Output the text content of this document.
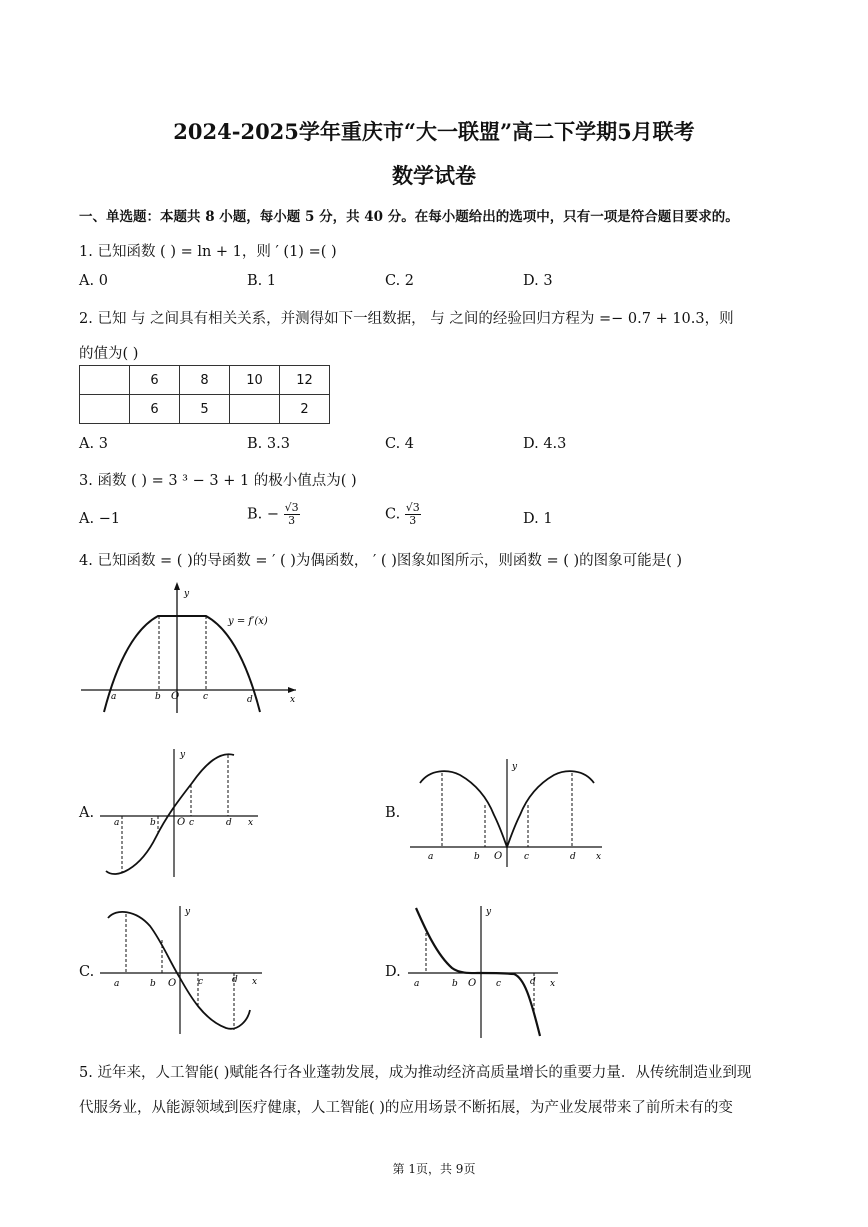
2024-2025学年重庆市“大一联盟”高二下学期5月联考
数学试卷
一、单选题：本题共 8 小题，每小题 5 分，共 40 分。在每小题给出的选项中，只有一项是符合题目要求的。
1. 已知函数 ( ) = ln + 1，则 ′ (1) =( )
A. 0	B. 1	C. 2	D. 3
2. 已知 与 之间具有相关关系，并测得如下一组数据， 与 之间的经验回归方程为 =− 0.7 + 10.3，则
的值为( )
	6	8	10	12
	6	5		2
A. 3	B. 3.3	C. 4	D. 4.3
3. 函数 ( ) = 3 ³ − 3 + 1 的极小值点为( )
A. −1	B. − $\frac{√3}{3}$	C. $\frac{√3}{3}$	D. 1
4. 已知函数 = ( )的导函数 = ′ ( )为偶函数， ′ ( )图象如图所示，则函数 = ( )的图象可能是( )
y = f′(x)
y
x
a	b O	c	d
A.
y
x
a	b O c	d
B.
y
x
a	b O c	d
C.
y
x
a	b O c	d	D.
y
x
a	b O c	d
5. 近年来，人工智能( )赋能各行各业蓬勃发展，成为推动经济高质量增长的重要力量．从传统制造业到现
代服务业，从能源领域到医疗健康，人工智能( )的应用场景不断拓展，为产业发展带来了前所未有的变
第 1页，共 9页
